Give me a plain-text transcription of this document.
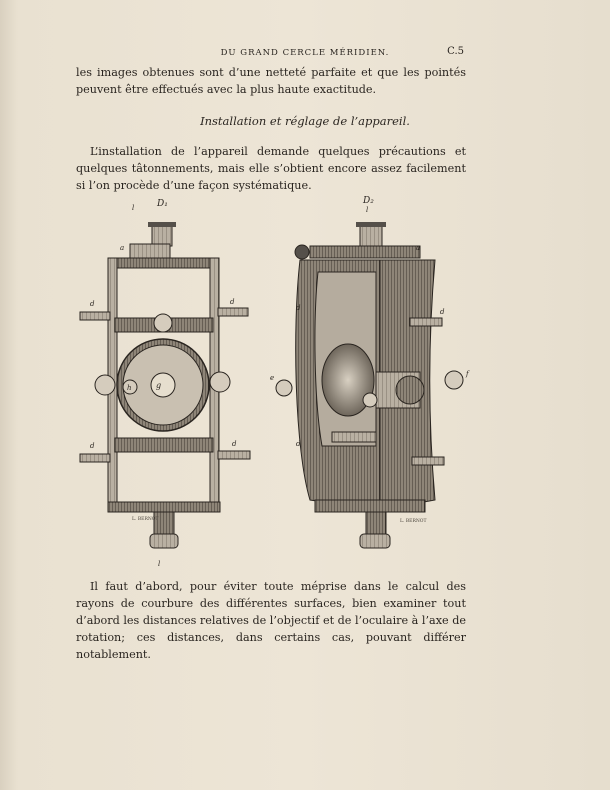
DU GRAND CERCLE MÉRIDIEN.	C.5

les images obtenues sont d’une netteté parfaite et que les pointés peuvent être effectués avec la plus haute exactitude.

Installation et réglage de l’appareil.

L’installation de l’appareil demande quelques précautions et quelques tâtonnements, mais elle s’obtient encore assez facilement si l’on procède d’une façon systématique.

D₁	D₂
l
a
d	d
g
h
d	d
l
l
d	d
e	f
d
a
L. BERNOT	L. BERNOT

Il faut d’abord, pour éviter toute méprise dans le calcul des rayons de courbure des différentes surfaces, bien examiner tout d’abord les distances relatives de l’objectif et de l’oculaire à l’axe de rotation; ces distances, dans certains cas, pouvant différer notablement.
